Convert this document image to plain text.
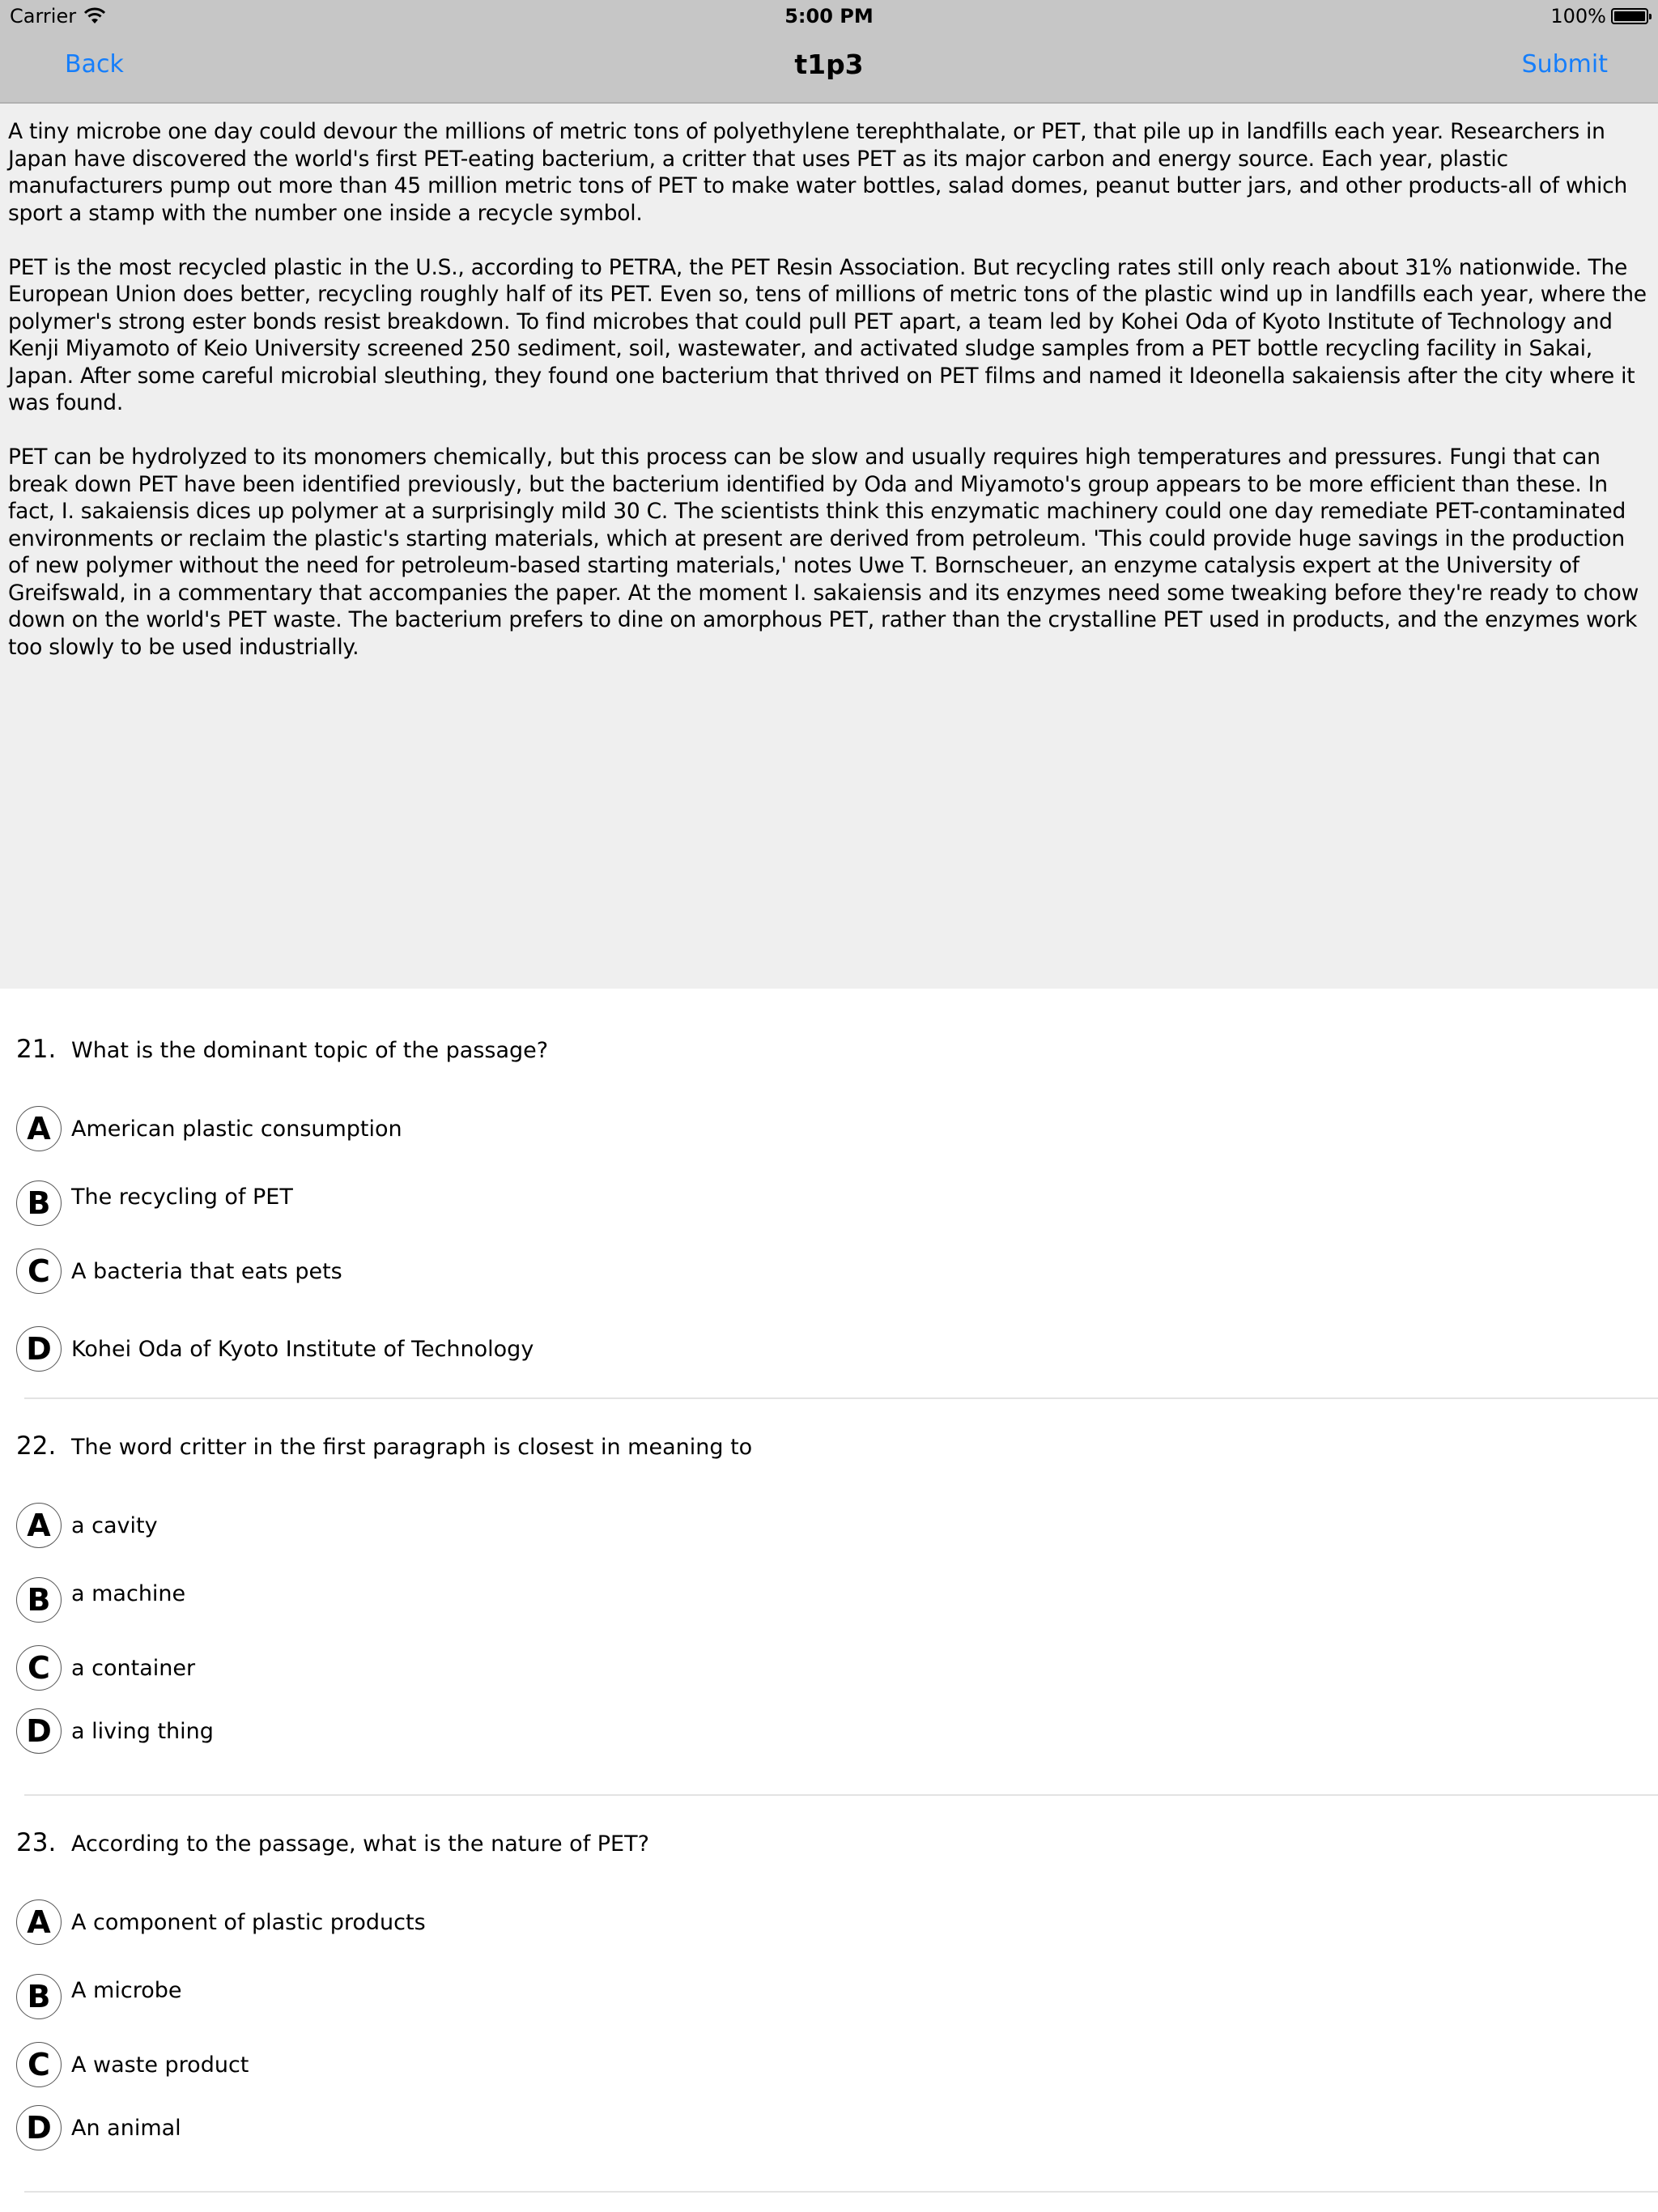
Carrier	5:00 PM	100%
Back	t1p3	Submit

A tiny microbe one day could devour the millions of metric tons of polyethylene terephthalate, or PET, that pile up in landfills each year. Researchers in Japan have discovered the world's first PET-eating bacterium, a critter that uses PET as its major carbon and energy source. Each year, plastic manufacturers pump out more than 45 million metric tons of PET to make water bottles, salad domes, peanut butter jars, and other products-all of which sport a stamp with the number one inside a recycle symbol.

PET is the most recycled plastic in the U.S., according to PETRA, the PET Resin Association. But recycling rates still only reach about 31% nationwide. The European Union does better, recycling roughly half of its PET. Even so, tens of millions of metric tons of the plastic wind up in landfills each year, where the polymer's strong ester bonds resist breakdown. To find microbes that could pull PET apart, a team led by Kohei Oda of Kyoto Institute of Technology and Kenji Miyamoto of Keio University screened 250 sediment, soil, wastewater, and activated sludge samples from a PET bottle recycling facility in Sakai, Japan. After some careful microbial sleuthing, they found one bacterium that thrived on PET films and named it Ideonella sakaiensis after the city where it was found.

PET can be hydrolyzed to its monomers chemically, but this process can be slow and usually requires high temperatures and pressures. Fungi that can break down PET have been identified previously, but the bacterium identified by Oda and Miyamoto's group appears to be more efficient than these. In fact, I. sakaiensis dices up polymer at a surprisingly mild 30 C. The scientists think this enzymatic machinery could one day remediate PET-contaminated environments or reclaim the plastic's starting materials, which at present are derived from petroleum. 'This could provide huge savings in the production of new polymer without the need for petroleum-based starting materials,' notes Uwe T. Bornscheuer, an enzyme catalysis expert at the University of Greifswald, in a commentary that accompanies the paper. At the moment I. sakaiensis and its enzymes need some tweaking before they're ready to chow down on the world's PET waste. The bacterium prefers to dine on amorphous PET, rather than the crystalline PET used in products, and the enzymes work too slowly to be used industrially.

21. What is the dominant topic of the passage?
A American plastic consumption
B The recycling of PET
C A bacteria that eats pets
D Kohei Oda of Kyoto Institute of Technology
22. The word critter in the first paragraph is closest in meaning to
A a cavity
B a machine
C a container
D a living thing
23. According to the passage, what is the nature of PET?
A A component of plastic products
B A microbe
C A waste product
D An animal
